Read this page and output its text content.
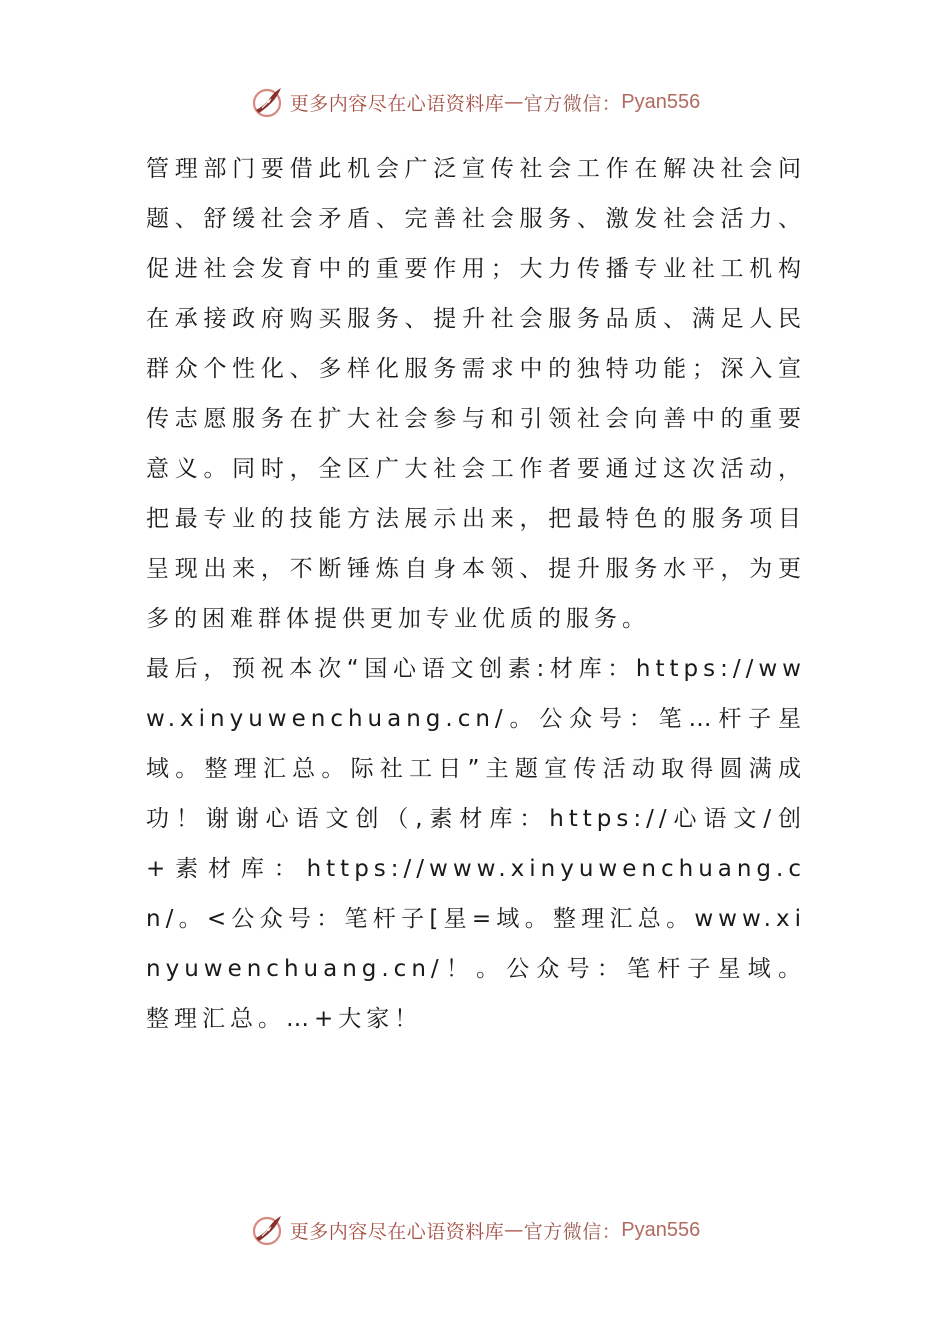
更多内容尽在心语资料库 — 官方微信： Pyan556

管理部门要借此机会广泛宣传社会工作在解决社会问题、舒缓社会矛盾、完善社会服务、激发社会活力、促进社会发育中的重要作用；大力传播专业社工机构在承接政府购买服务、提升社会服务品质、满足人民群众个性化、多样化服务需求中的独特功能；深入宣传志愿服务在扩大社会参与和引领社会向善中的重要意义。同时，全区广大社会工作者要通过这次活动，把最专业的技能方法展示出来，把最特色的服务项目呈现出来，不断锤炼自身本领、提升服务水平，为更多的困难群体提供更加专业优质的服务。

最后，预祝本次“国心语文创素:材库：https://www.xinyuwenchuang.cn/。公众号：笔…杆子星域。整理汇总。际社工日”主题宣传活动取得圆满成功！谢谢心语文创（,素材库：https://心语文/创+素材库：https://www.xinyuwenchuang.cn/。<公众号：笔杆子[星=域。整理汇总。www.xinyuwenchuang.cn/！。公众号：笔杆子星域。整理汇总。…+大家！

更多内容尽在心语资料库 — 官方微信： Pyan556
